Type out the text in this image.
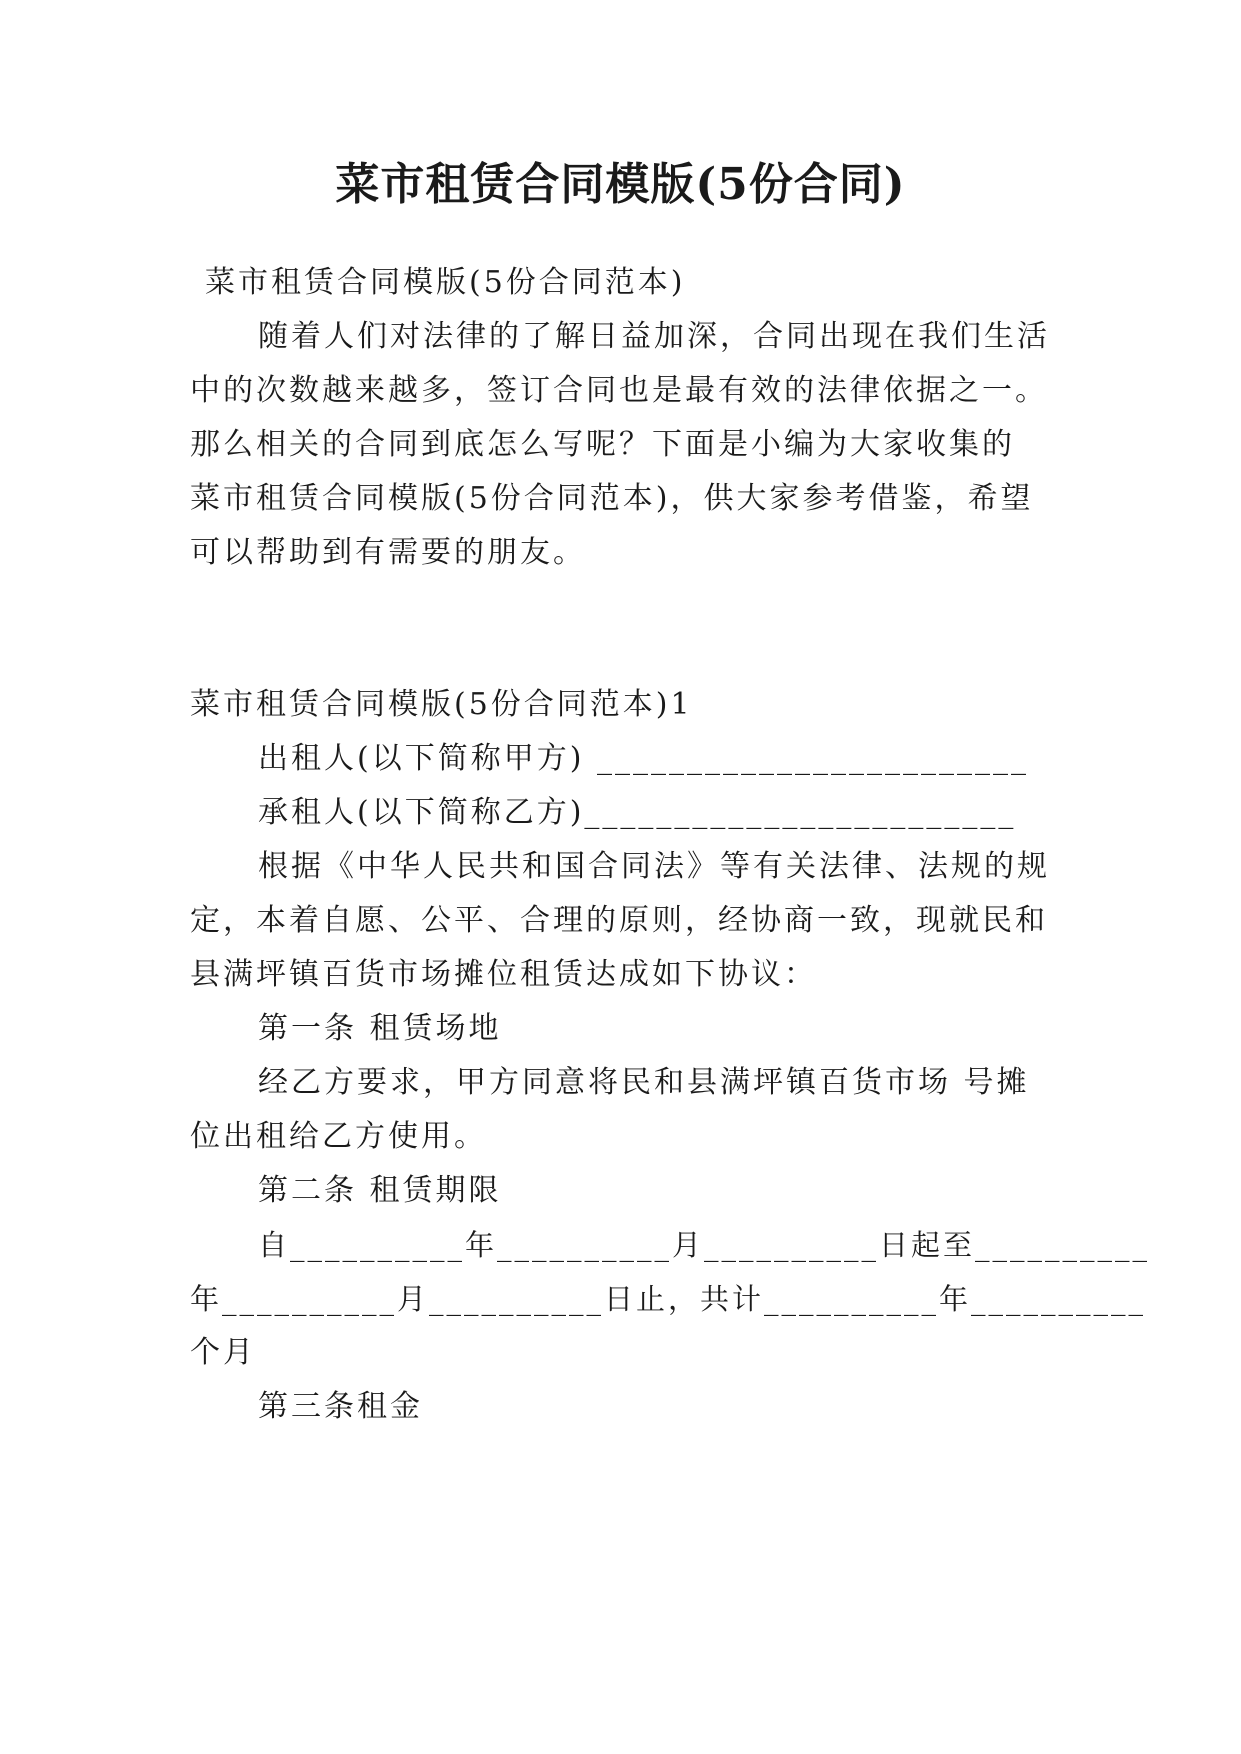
菜市租赁合同模版(5份合同)

菜市租赁合同模版(5份合同范本)

随着人们对法律的了解日益加深，合同出现在我们生活

中的次数越来越多，签订合同也是最有效的法律依据之一。

那么相关的合同到底怎么写呢？下面是小编为大家收集的

菜市租赁合同模版(5份合同范本)，供大家参考借鉴，希望

可以帮助到有需要的朋友。

菜市租赁合同模版(5份合同范本)1

出租人(以下简称甲方) ________________________

承租人(以下简称乙方)________________________

根据《中华人民共和国合同法》等有关法律、法规的规

定，本着自愿、公平、合理的原则，经协商一致，现就民和

县满坪镇百货市场摊位租赁达成如下协议：

第一条 租赁场地

经乙方要求，甲方同意将民和县满坪镇百货市场 号摊

位出租给乙方使用。

第二条 租赁期限

自__________年__________月__________日起至__________

年__________月__________日止，共计__________年__________

个月

第三条租金
